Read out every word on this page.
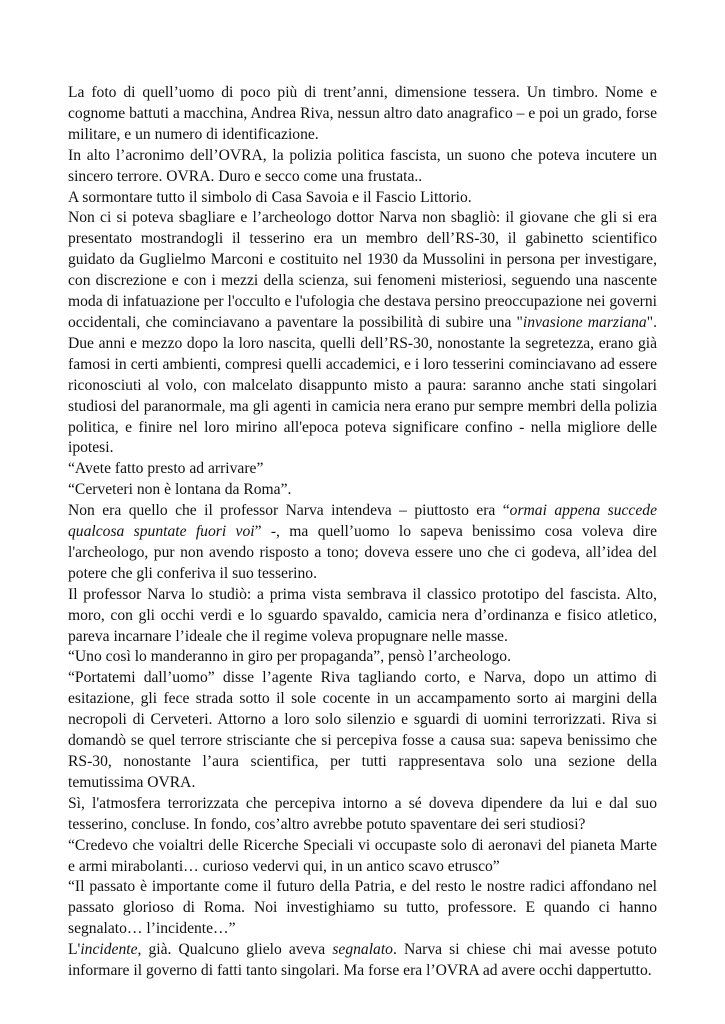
La foto di quell’uomo di poco più di trent’anni, dimensione tessera. Un timbro. Nome e cognome battuti a macchina, Andrea Riva, nessun altro dato anagrafico – e poi un grado, forse militare, e un numero di identificazione.

In alto l’acronimo dell’OVRA, la polizia politica fascista, un suono che poteva incutere un sincero terrore. OVRA. Duro e secco come una frustata..

A sormontare tutto il simbolo di Casa Savoia e il Fascio Littorio.

Non ci si poteva sbagliare e l’archeologo dottor Narva non sbagliò: il giovane che gli si era presentato mostrandogli il tesserino era un membro dell’RS-30, il gabinetto scientifico guidato da Guglielmo Marconi e costituito nel 1930 da Mussolini in persona per investigare, con discrezione e con i mezzi della scienza, sui fenomeni misteriosi, seguendo una nascente moda di infatuazione per l'occulto e l'ufologia che destava persino preoccupazione nei governi occidentali, che cominciavano a paventare la possibilità di subire una "invasione marziana". Due anni e mezzo dopo la loro nascita, quelli dell’RS-30, nonostante la segretezza, erano già famosi in certi ambienti, compresi quelli accademici, e i loro tesserini cominciavano ad essere riconosciuti al volo, con malcelato disappunto misto a paura: saranno anche stati singolari studiosi del paranormale, ma gli agenti in camicia nera erano pur sempre membri della polizia politica, e finire nel loro mirino all'epoca poteva significare confino - nella migliore delle ipotesi.

“Avete fatto presto ad arrivare”

“Cerveteri non è lontana da Roma”.

Non era quello che il professor Narva intendeva – piuttosto era “ormai appena succede qualcosa spuntate fuori voi” -, ma quell’uomo lo sapeva benissimo cosa voleva dire l'archeologo, pur non avendo risposto a tono; doveva essere uno che ci godeva, all’idea del potere che gli conferiva il suo tesserino.

Il professor Narva lo studiò: a prima vista sembrava il classico prototipo del fascista. Alto, moro, con gli occhi verdi e lo sguardo spavaldo, camicia nera d’ordinanza e fisico atletico, pareva incarnare l’ideale che il regime voleva propugnare nelle masse.

“Uno così lo manderanno in giro per propaganda”, pensò l’archeologo.

“Portatemi dall’uomo” disse l’agente Riva tagliando corto, e Narva, dopo un attimo di esitazione, gli fece strada sotto il sole cocente in un accampamento sorto ai margini della necropoli di Cerveteri. Attorno a loro solo silenzio e sguardi di uomini terrorizzati. Riva si domandò se quel terrore strisciante che si percepiva fosse a causa sua: sapeva benissimo che RS-30, nonostante l’aura scientifica, per tutti rappresentava solo una sezione della temutissima OVRA.

Sì, l'atmosfera terrorizzata che percepiva intorno a sé doveva dipendere da lui e dal suo tesserino, concluse. In fondo, cos’altro avrebbe potuto spaventare dei seri studiosi?

“Credevo che voialtri delle Ricerche Speciali vi occupaste solo di aeronavi del pianeta Marte e armi mirabolanti… curioso vedervi qui, in un antico scavo etrusco”

“Il passato è importante come il futuro della Patria, e del resto le nostre radici affondano nel passato glorioso di Roma. Noi investighiamo su tutto, professore. E quando ci hanno segnalato… l’incidente…”

L'incidente, già. Qualcuno glielo aveva segnalato. Narva si chiese chi mai avesse potuto informare il governo di fatti tanto singolari. Ma forse era l’OVRA ad avere occhi dappertutto.
